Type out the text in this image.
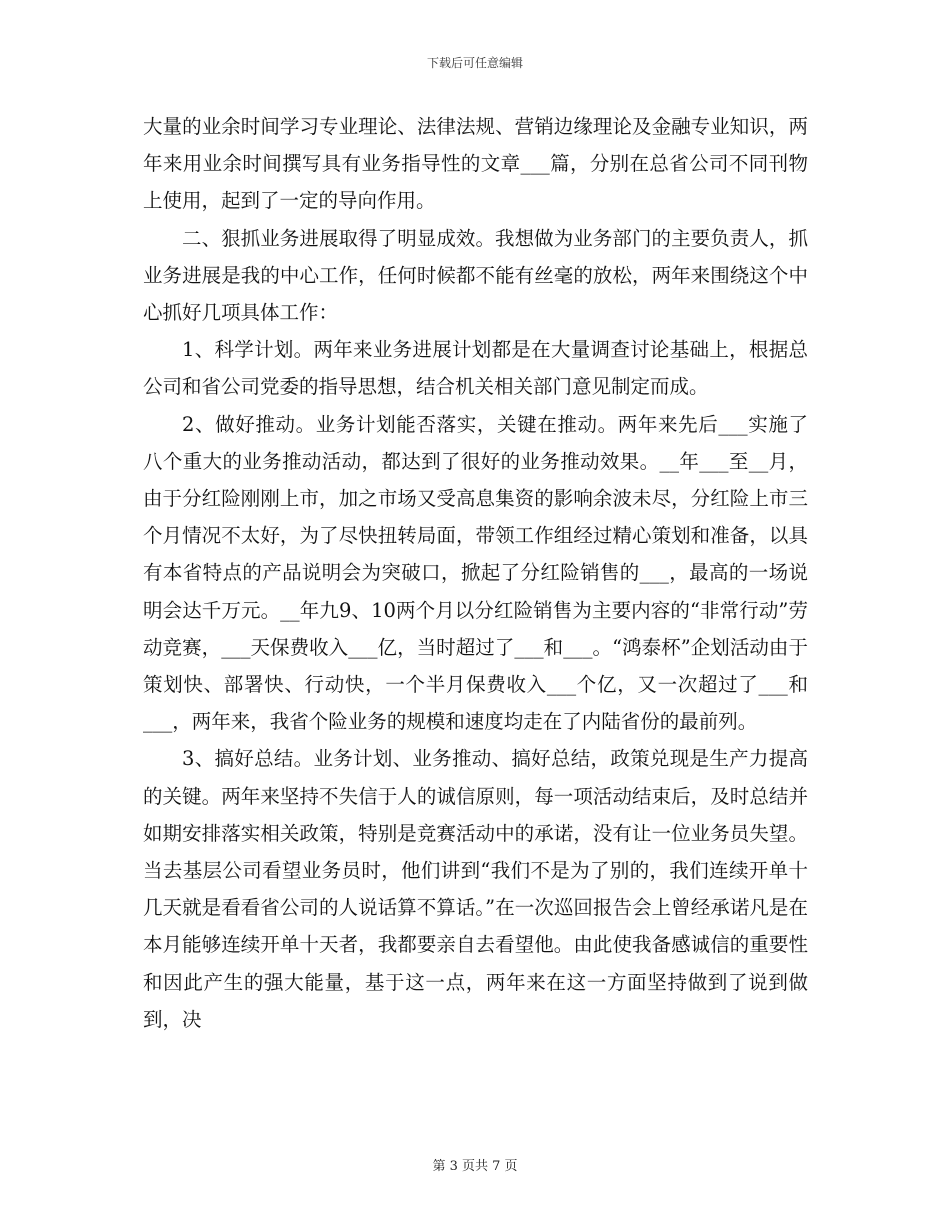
下载后可任意编辑

大量的业余时间学习专业理论、法律法规、营销边缘理论及金融专业知识，两年来用业余时间撰写具有业务指导性的文章___篇，分别在总省公司不同刊物上使用，起到了一定的导向作用。

二、狠抓业务进展取得了明显成效。我想做为业务部门的主要负责人，抓业务进展是我的中心工作，任何时候都不能有丝毫的放松，两年来围绕这个中心抓好几项具体工作：

1、科学计划。两年来业务进展计划都是在大量调查讨论基础上，根据总公司和省公司党委的指导思想，结合机关相关部门意见制定而成。

2、做好推动。业务计划能否落实，关键在推动。两年来先后___实施了八个重大的业务推动活动，都达到了很好的业务推动效果。__年___至__月，由于分红险刚刚上市，加之市场又受高息集资的影响余波未尽，分红险上市三个月情况不太好，为了尽快扭转局面，带领工作组经过精心策划和准备，以具有本省特点的产品说明会为突破口，掀起了分红险销售的___，最高的一场说明会达千万元。__年九9、10两个月以分红险销售为主要内容的“非常行动”劳动竞赛，___天保费收入___亿，当时超过了___和___。“鸿泰杯”企划活动由于策划快、部署快、行动快，一个半月保费收入___个亿，又一次超过了___和___，两年来，我省个险业务的规模和速度均走在了内陆省份的最前列。

3、搞好总结。业务计划、业务推动、搞好总结，政策兑现是生产力提高的关键。两年来坚持不失信于人的诚信原则，每一项活动结束后，及时总结并如期安排落实相关政策，特别是竞赛活动中的承诺，没有让一位业务员失望。当去基层公司看望业务员时，他们讲到“我们不是为了别的，我们连续开单十几天就是看看省公司的人说话算不算话。”在一次巡回报告会上曾经承诺凡是在本月能够连续开单十天者，我都要亲自去看望他。由此使我备感诚信的重要性和因此产生的强大能量，基于这一点，两年来在这一方面坚持做到了说到做到，决

第 3 页共 7 页
